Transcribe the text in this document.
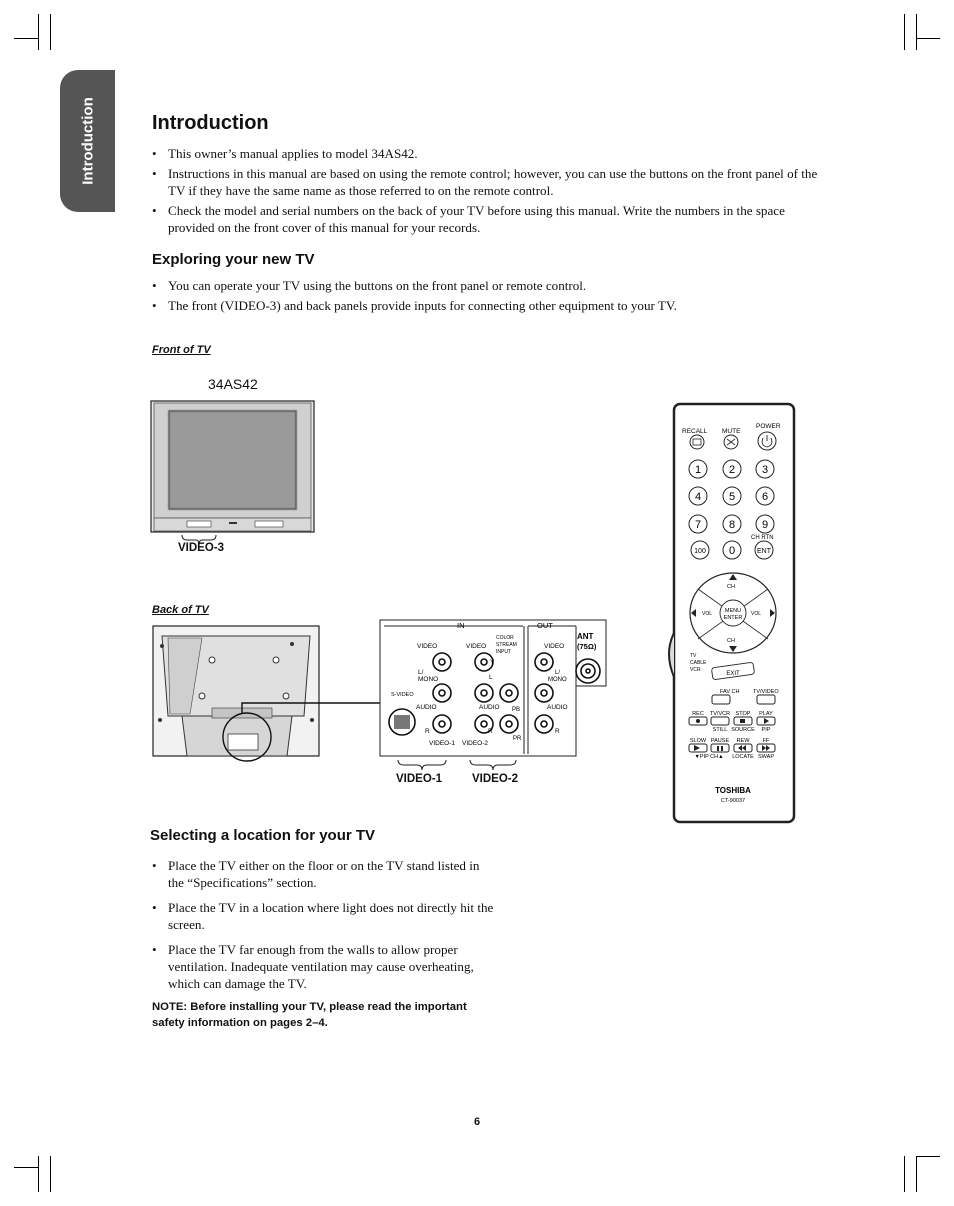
Introduction	Introduction
• This owner’s manual applies to model 34AS42.
• Instructions in this manual are based on using the remote control; however, you can use the buttons on the front panel of the TV if they have the same name as those referred to on the remote control.
• Check the model and serial numbers on the back of your TV before using this manual. Write the numbers in the space provided on the front cover of this manual for your records.
Exploring your new TV
• You can operate your TV using the buttons on the front panel or remote control.
• The front (VIDEO-3) and back panels provide inputs for connecting other equipment to your TV.
Front of TV
34AS42
VIDEO-3
Back of TV
IN	OUT
VIDEO	VIDEO	VIDEO
COLOR
STREAM
INPUT
L/
MONO
L/
MONO
AUDIO	AUDIO	AUDIO
S-VIDEO
R	R	R
Y
L
PB
PR
VIDEO-1 VIDEO-2
ANT
(75Ω)
VIDEO-1	VIDEO-2
RECALL MUTE
POWER
1	2 3
4	5 6
7	8 9
0
100	ENT
CH RTN
CH
CH
VOL	VOL
MENU
ENTER
TV
CABLE
VCR
EXIT
FAV CH TV/VIDEO
REC TV/VCR STOP PLAY
STILL SOURCE PIP
SLOW PAUSE REW FF
▼PIP CH▲ LOCATE SWAP
TOSHIBA
CT-90037
Selecting a location for your TV
• Place the TV either on the floor or on the TV stand listed in the “Specifications” section.
• Place the TV in a location where light does not directly hit the screen.
• Place the TV far enough from the walls to allow proper ventilation. Inadequate ventilation may cause overheating, which can damage the TV.
NOTE: Before installing your TV, please read the important safety information on pages 2–4.
6
